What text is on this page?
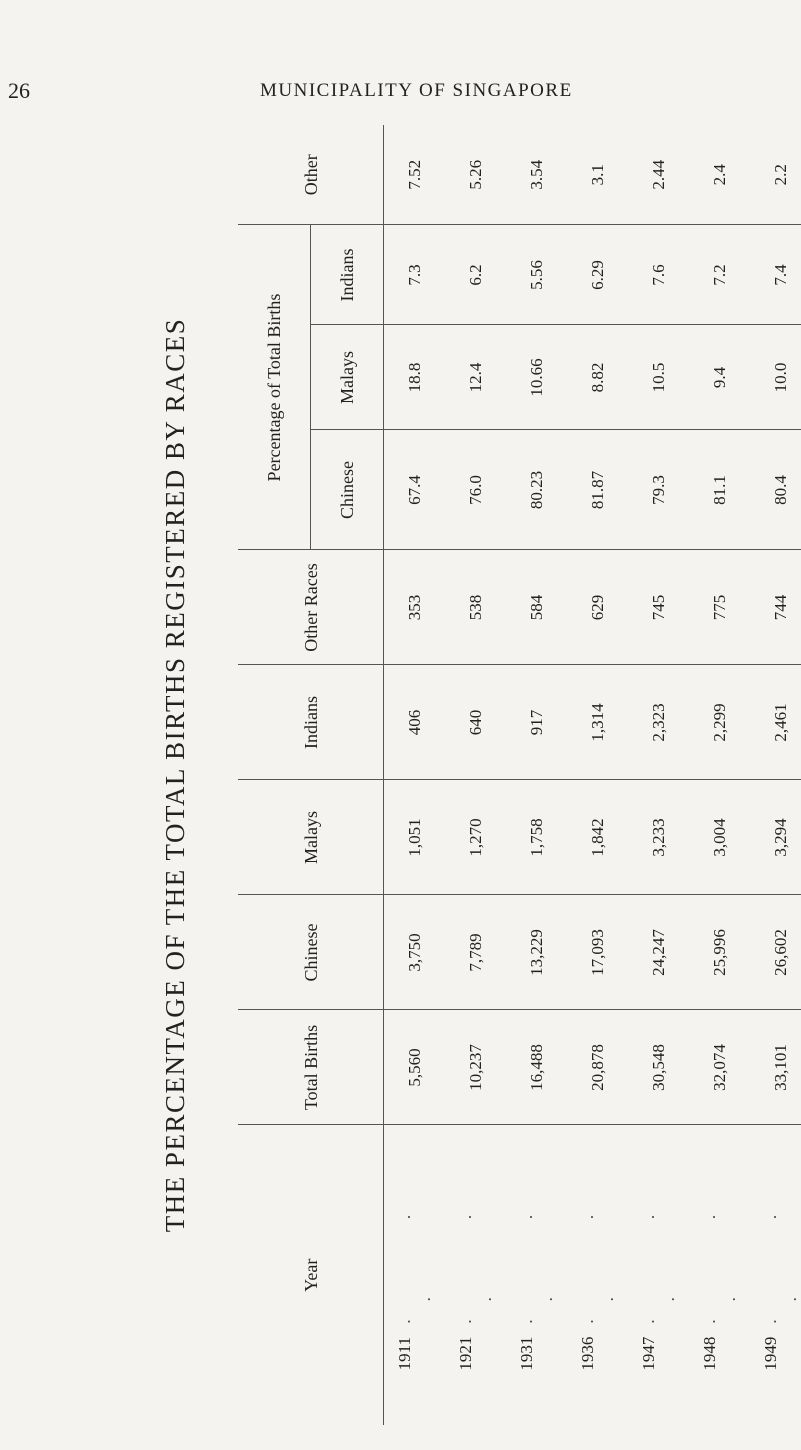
26	MUNICIPALITY OF SINGAPORE
THE PERCENTAGE OF THE TOTAL BIRTHS REGISTERED BY RACES
Year	Total Births	Chinese	Malays	Indians	Other Races	Percentage of Total Births			Other
						Chinese	Malays	Indians	
1911. . .	5,560	3,750	1,051	406	353	67.4	18.8	7.3	7.52
1921. . .	10,237	7,789	1,270	640	538	76.0	12.4	6.2	5.26
1931. . .	16,488	13,229	1,758	917	584	80.23	10.66	5.56	3.54
1936. . .	20,878	17,093	1,842	1,314	629	81.87	8.82	6.29	3.1
1947. . .	30,548	24,247	3,233	2,323	745	79.3	10.5	7.6	2.44
1948. . .	32,074	25,996	3,004	2,299	775	81.1	9.4	7.2	2.4
1949. . .	33,101	26,602	3,294	2,461	744	80.4	10.0	7.4	2.2
